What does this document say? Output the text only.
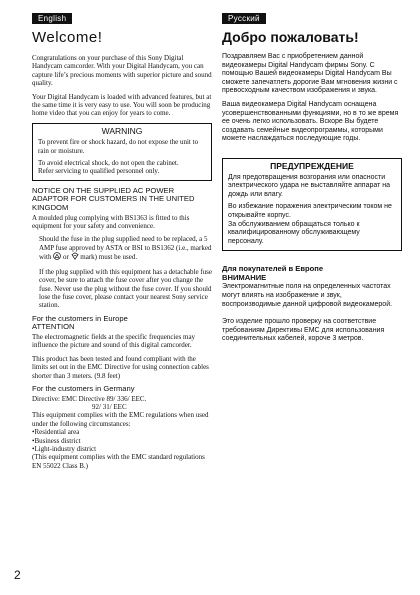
English
Welcome!

Congratulations on your purchase of this Sony Digital Handycam camcorder. With your Digital Handycam, you can capture life’s precious moments with superior picture and sound quality.

Your Digital Handycam is loaded with advanced features, but at the same time it is very easy to use. You will soon be producing home video that you can enjoy for years to come.

WARNING

To prevent fire or shock hazard, do not expose the unit to rain or moisture.

To avoid electrical shock, do not open the cabinet.

Refer servicing to qualified personnel only.

NOTICE ON THE SUPPLIED AC POWER ADAPTOR FOR CUSTOMERS IN THE UNITED KINGDOM

A moulded plug complying with BS1363 is fitted to this equipment for your safety and convenience.

Should the fuse in the plug supplied need to be replaced, a 5 AMP fuse approved by ASTA or BSI to BS1362 (i.e., marked with or mark) must be used.

If the plug supplied with this equipment has a detachable fuse cover, be sure to attach the fuse cover after you change the fuse. Never use the plug without the fuse cover. If you should lose the fuse cover, please contact your nearest Sony service station.

For the customers in Europe
ATTENTION

The electromagnetic fields at the specific frequencies may influence the picture and sound of this digital camcorder.

This product has been tested and found compliant with the limits set out in the EMC Directive for using connection cables shorter than 3 meters. (9.8 feet)

For the customers in Germany
Directive: EMC Directive 89/ 336/ EEC.
92/ 31/ EEC

This equipment complies with the EMC regulations when used under the following circumstances:

• Residential area
• Business district
• Light-industry district

(This equipment complies with the EMC standard regulations EN 55022 Class B.)

Русский
Добро пожаловать!

Поздравляем Вас с приобретением данной видеокамеры Digital Handycam фирмы Sony. С помощью Вашей видеокамеры Digital Handycam Вы сможете запечатлеть дорогие Вам мгновения жизни с превосходным качеством изображения и звука.

Ваша видеокамера Digital Handycam оснащена усовершенствованными функциями, но в то же время ее очень легко использовать. Вскоре Вы будете создавать семейные видеопрограммы, которыми можете наслаждаться последующие годы.

ПРЕДУПРЕЖДЕНИЕ

Для предотвращения возгорания или опасности электрического удара не выставляйте аппарат на дождь или влагу.

Во избежание поражения электрическим током не открывайте корпус.
За обслуживанием обращаться только к квалифицированному обслуживающему персоналу.

Для покупателей в Европе
ВНИМАНИЕ

Электромагнитные поля на определенных частотах могут влиять на изображение и звук, воспроизводимые данной цифровой видеокамерой.

Это изделие прошло проверку на соответствие требованиям Директивы EMC для использования соединительных кабелей, короче 3 метров.

2
